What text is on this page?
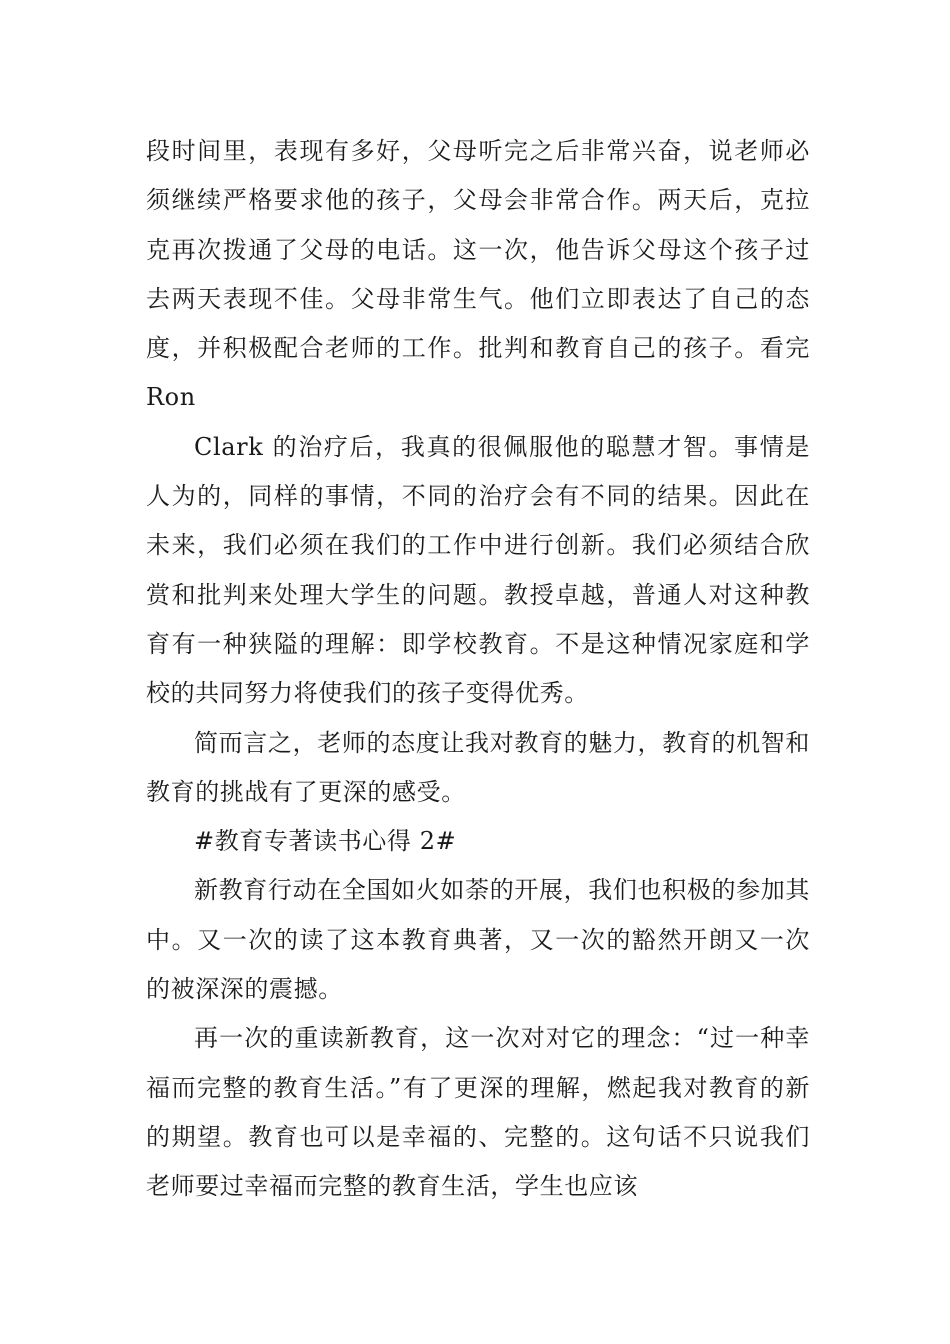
段时间里，表现有多好，父母听完之后非常兴奋，说老师必须继续严格要求他的孩子，父母会非常合作。两天后，克拉克再次拨通了父母的电话。这一次，他告诉父母这个孩子过去两天表现不佳。父母非常生气。他们立即表达了自己的态度，并积极配合老师的工作。批判和教育自己的孩子。看完 Ron

Clark 的治疗后，我真的很佩服他的聪慧才智。事情是人为的，同样的事情，不同的治疗会有不同的结果。因此在未来，我们必须在我们的工作中进行创新。我们必须结合欣赏和批判来处理大学生的问题。教授卓越，普通人对这种教育有一种狭隘的理解：即学校教育。不是这种情况家庭和学校的共同努力将使我们的孩子变得优秀。

简而言之，老师的态度让我对教育的魅力，教育的机智和教育的挑战有了更深的感受。

#教育专著读书心得 2#

新教育行动在全国如火如荼的开展，我们也积极的参加其中。又一次的读了这本教育典著，又一次的豁然开朗又一次的被深深的震撼。

再一次的重读新教育，这一次对对它的理念：“过一种幸福而完整的教育生活。”有了更深的理解，燃起我对教育的新的期望。教育也可以是幸福的、完整的。这句话不只说我们老师要过幸福而完整的教育生活，学生也应该
